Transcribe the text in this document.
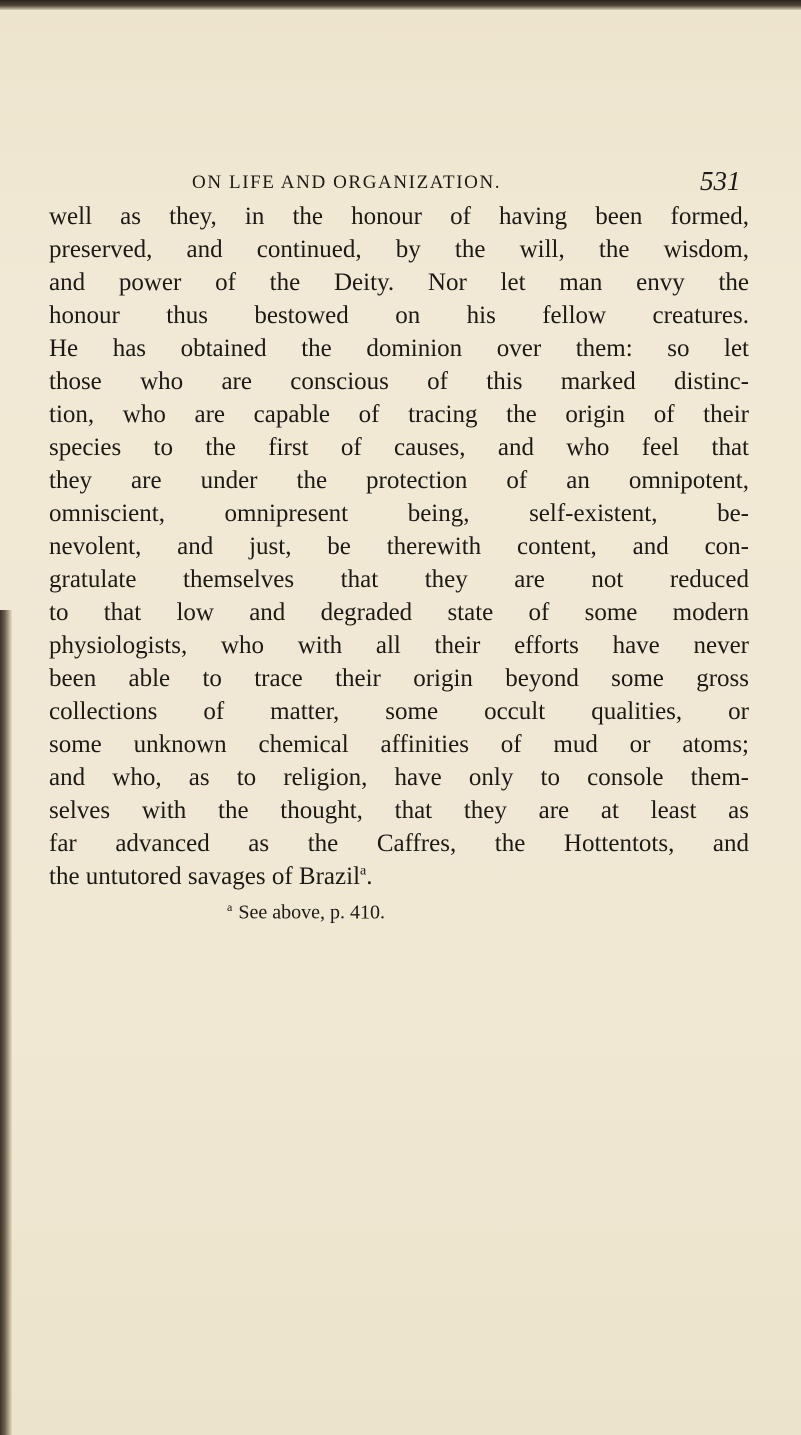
ON LIFE AND ORGANIZATION.	531
well as they, in the honour of having been formed,
preserved, and continued, by the will, the wisdom,
and power of the Deity. Nor let man envy the
honour thus bestowed on his fellow creatures.
He has obtained the dominion over them: so let
those who are conscious of this marked distinc-
tion, who are capable of tracing the origin of their
species to the first of causes, and who feel that
they are under the protection of an omnipotent,
omniscient, omnipresent being, self-existent, be-
nevolent, and just, be therewith content, and con-
gratulate themselves that they are not reduced
to that low and degraded state of some modern
physiologists, who with all their efforts have never
been able to trace their origin beyond some gross
collections of matter, some occult qualities, or
some unknown chemical affinities of mud or atoms;
and who, as to religion, have only to console them-
selves with the thought, that they are at least as
far advanced as the Caffres, the Hottentots, and
the untutored savages of Brazil$^a$.
$^a$ See above, p. 410.
